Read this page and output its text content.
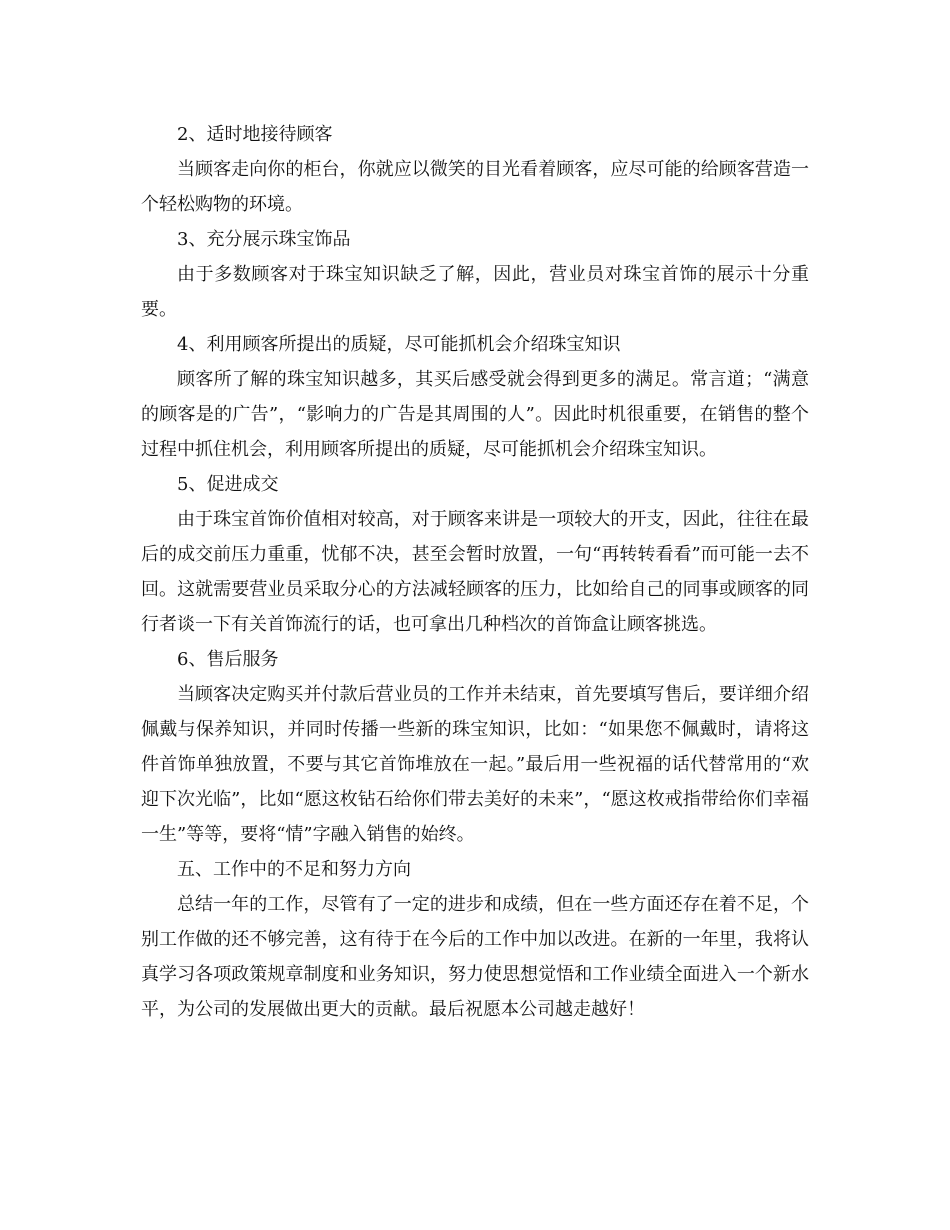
2、适时地接待顾客

当顾客走向你的柜台，你就应以微笑的目光看着顾客，应尽可能的给顾客营造一个轻松购物的环境。

3、充分展示珠宝饰品

由于多数顾客对于珠宝知识缺乏了解，因此，营业员对珠宝首饰的展示十分重要。

4、利用顾客所提出的质疑，尽可能抓机会介绍珠宝知识

顾客所了解的珠宝知识越多，其买后感受就会得到更多的满足。常言道；“满意的顾客是的广告”，“影响力的广告是其周围的人”。因此时机很重要，在销售的整个过程中抓住机会，利用顾客所提出的质疑，尽可能抓机会介绍珠宝知识。

5、促进成交

由于珠宝首饰价值相对较高，对于顾客来讲是一项较大的开支，因此，往往在最后的成交前压力重重，忧郁不决，甚至会暂时放置，一句“再转转看看”而可能一去不回。这就需要营业员采取分心的方法减轻顾客的压力，比如给自己的同事或顾客的同行者谈一下有关首饰流行的话，也可拿出几种档次的首饰盒让顾客挑选。

6、售后服务

当顾客决定购买并付款后营业员的工作并未结束，首先要填写售后，要详细介绍佩戴与保养知识，并同时传播一些新的珠宝知识，比如：“如果您不佩戴时，请将这件首饰单独放置，不要与其它首饰堆放在一起。”最后用一些祝福的话代替常用的“欢迎下次光临”，比如“愿这枚钻石给你们带去美好的未来”，“愿这枚戒指带给你们幸福一生”等等，要将“情”字融入销售的始终。

五、工作中的不足和努力方向

总结一年的工作，尽管有了一定的进步和成绩，但在一些方面还存在着不足，个别工作做的还不够完善，这有待于在今后的工作中加以改进。在新的一年里，我将认真学习各项政策规章制度和业务知识，努力使思想觉悟和工作业绩全面进入一个新水平，为公司的发展做出更大的贡献。最后祝愿本公司越走越好！
